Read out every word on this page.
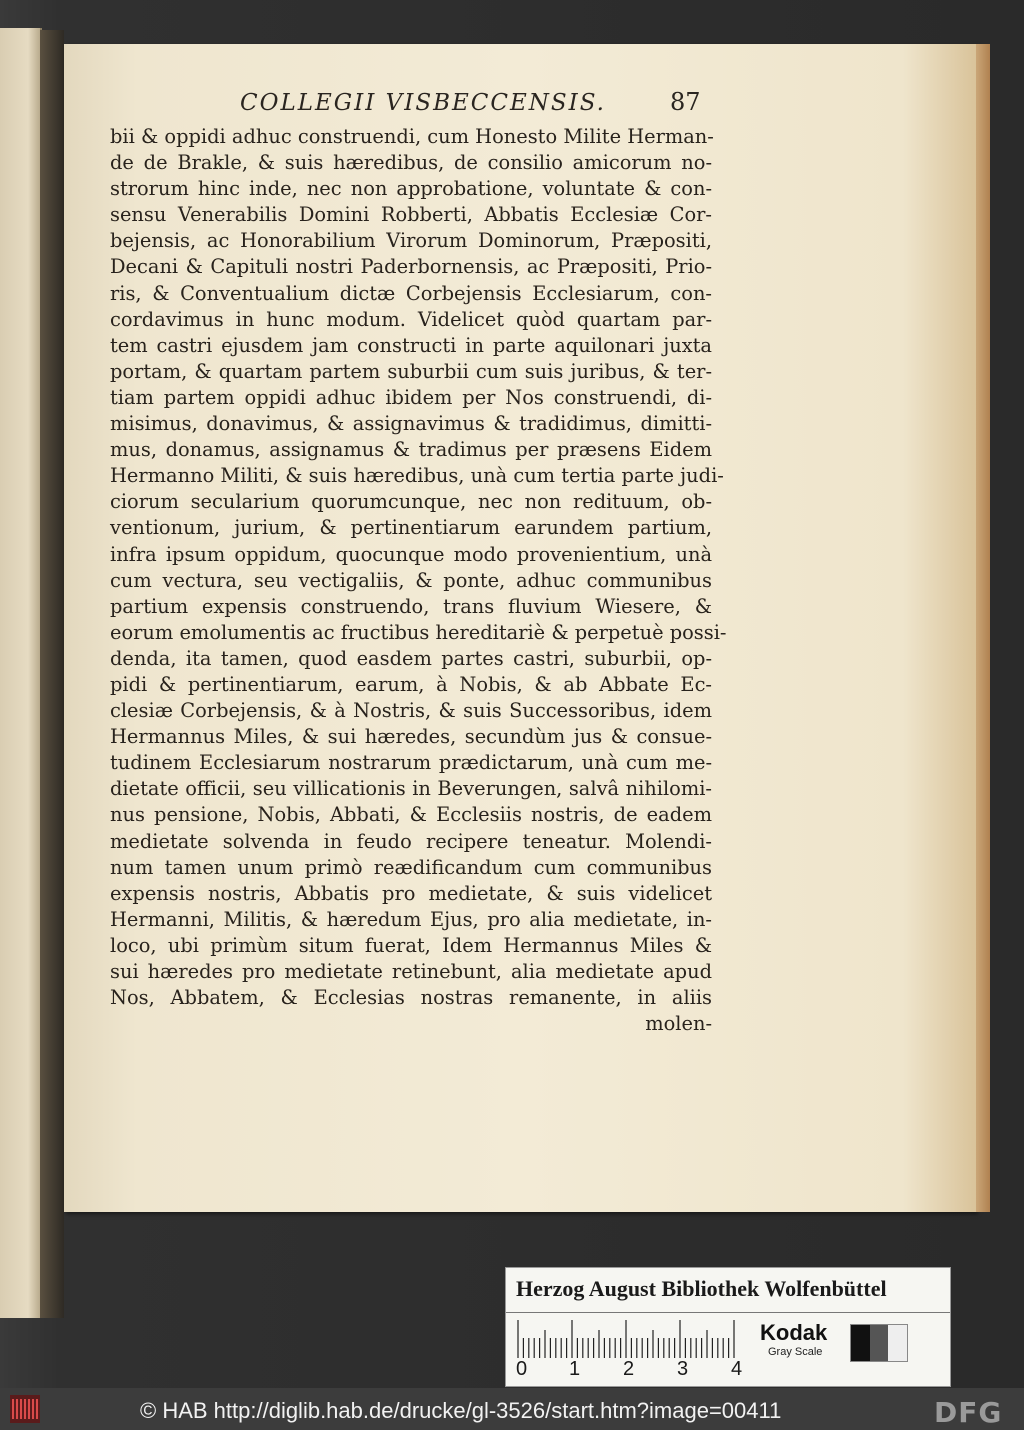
COLLEGII VISBECCENSIS.	87
bii & oppidi adhuc construendi, cum Honesto Milite Herman-
de de Brakle, & suis hæredibus, de consilio amicorum no-
strorum hinc inde, nec non approbatione, voluntate & con-
sensu Venerabilis Domini Robberti, Abbatis Ecclesiæ Cor-
bejensis, ac Honorabilium Virorum Dominorum, Præpositi,
Decani & Capituli nostri Paderbornensis, ac Præpositi, Prio-
ris, & Conventualium dictæ Corbejensis Ecclesiarum, con-
cordavimus in hunc modum. Videlicet quòd quartam par-
tem castri ejusdem jam constructi in parte aquilonari juxta
portam, & quartam partem suburbii cum suis juribus, & ter-
tiam partem oppidi adhuc ibidem per Nos construendi, di-
misimus, donavimus, & assignavimus & tradidimus, dimitti-
mus, donamus, assignamus & tradimus per præsens Eidem
Hermanno Militi, & suis hæredibus, unà cum tertia parte judi-
ciorum secularium quorumcunque, nec non redituum, ob-
ventionum, jurium, & pertinentiarum earundem partium,
infra ipsum oppidum, quocunque modo provenientium, unà
cum vectura, seu vectigaliis, & ponte, adhuc communibus
partium expensis construendo, trans fluvium Wiesere, &
eorum emolumentis ac fructibus hereditariè & perpetuè possi-
denda, ita tamen, quod easdem partes castri, suburbii, op-
pidi & pertinentiarum, earum, à Nobis, & ab Abbate Ec-
clesiæ Corbejensis, & à Nostris, & suis Successoribus, idem
Hermannus Miles, & sui hæredes, secundùm jus & consue-
tudinem Ecclesiarum nostrarum prædictarum, unà cum me-
dietate officii, seu villicationis in Beverungen, salvâ nihilomi-
nus pensione, Nobis, Abbati, & Ecclesiis nostris, de eadem
medietate solvenda in feudo recipere teneatur. Molendi-
num tamen unum primò reædificandum cum communibus
expensis nostris, Abbatis pro medietate, & suis videlicet
Hermanni, Militis, & hæredum Ejus, pro alia medietate, in-
loco, ubi primùm situm fuerat, Idem Hermannus Miles &
sui hæredes pro medietate retinebunt, alia medietate apud
Nos, Abbatem, & Ecclesias nostras remanente, in aliis
molen-
Herzog August Bibliothek Wolfenbüttel
0 1 2 3 4
Kodak
Gray Scale
© HAB http://diglib.hab.de/drucke/gl-3526/start.htm?image=00411	DFG
